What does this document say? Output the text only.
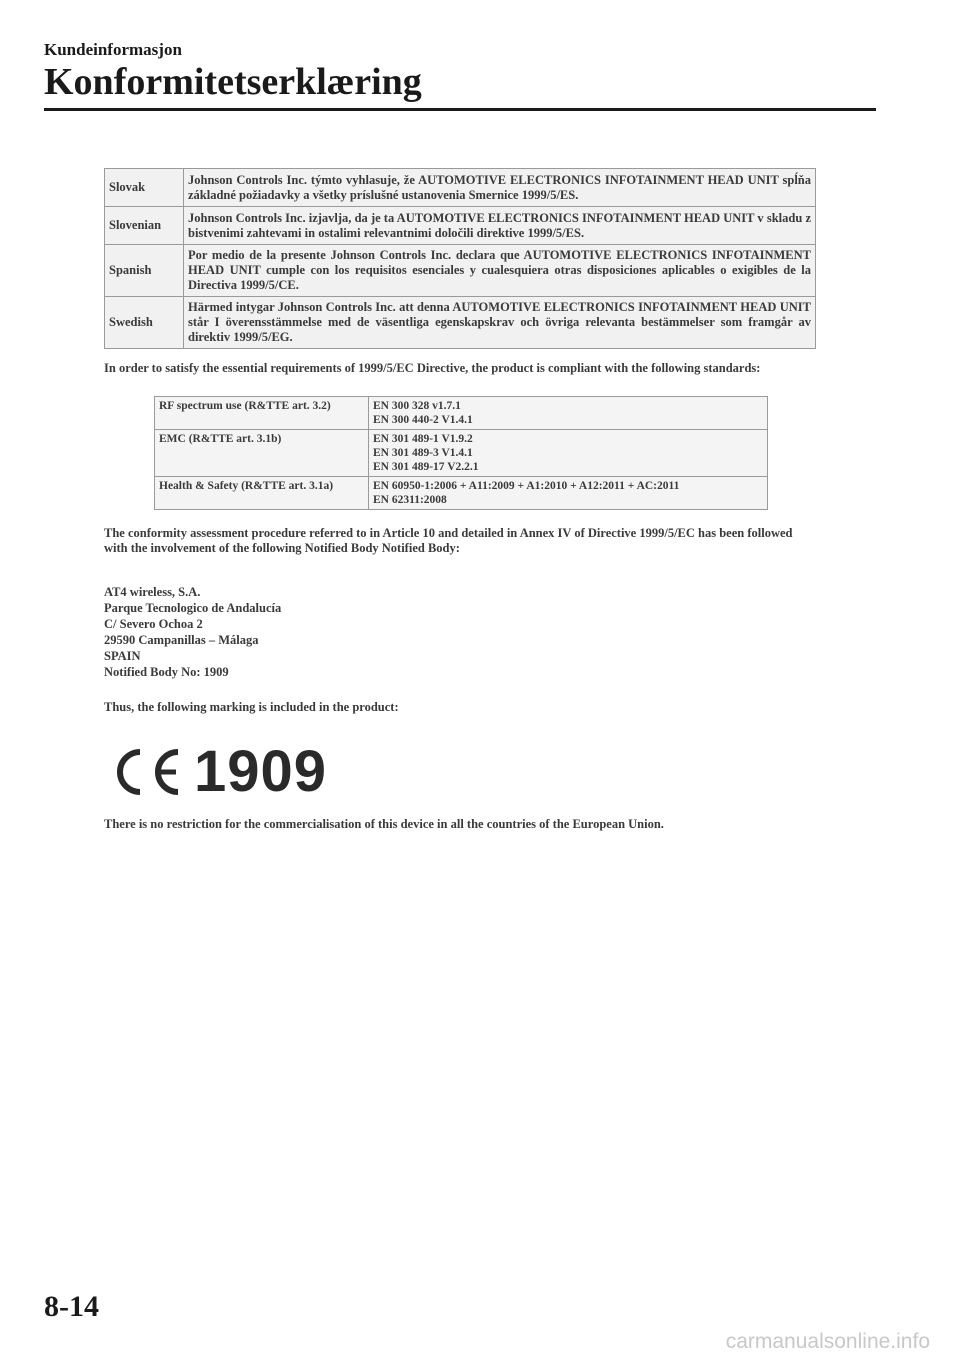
Kundeinformasjon
Konformitetserklæring
Slovak	Johnson Controls Inc. týmto vyhlasuje, že AUTOMOTIVE ELECTRONICS INFOTAINMENT HEAD UNIT spĺňa základné požiadavky a všetky príslušné ustanovenia Smernice 1999/5/ES.
Slovenian	Johnson Controls Inc. izjavlja, da je ta AUTOMOTIVE ELECTRONICS INFOTAINMENT HEAD UNIT v skladu z bistvenimi zahtevami in ostalimi relevantnimi določili direktive 1999/5/ES.
Spanish	Por medio de la presente Johnson Controls Inc. declara que AUTOMOTIVE ELECTRONICS INFOTAINMENT HEAD UNIT cumple con los requisitos esenciales y cualesquiera otras disposiciones aplicables o exigibles de la Directiva 1999/5/CE.
Swedish	Härmed intygar Johnson Controls Inc. att denna AUTOMOTIVE ELECTRONICS INFOTAINMENT HEAD UNIT står I överensstämmelse med de väsentliga egenskapskrav och övriga relevanta bestämmelser som framgår av direktiv 1999/5/EG.

In order to satisfy the essential requirements of 1999/5/EC Directive, the product is compliant with the following standards:

RF spectrum use (R&TTE art. 3.2)	EN 300 328 v1.7.1
EN 300 440-2 V1.4.1

EMC (R&TTE art. 3.1b)	EN 301 489-1 V1.9.2
EN 301 489-3 V1.4.1
EN 301 489-17 V2.2.1

Health & Safety (R&TTE art. 3.1a)	EN 60950-1:2006 + A11:2009 + A1:2010 + A12:2011 + AC:2011
EN 62311:2008

The conformity assessment procedure referred to in Article 10 and detailed in Annex IV of Directive 1999/5/EC has been followed with the involvement of the following Notified Body Notified Body:

AT4 wireless, S.A.
Parque Tecnologico de Andalucía
C/ Severo Ochoa 2
29590 Campanillas – Málaga
SPAIN
Notified Body No: 1909

Thus, the following marking is included in the product:

1909

There is no restriction for the commercialisation of this device in all the countries of the European Union.

8-14
carmanualsonline.info
